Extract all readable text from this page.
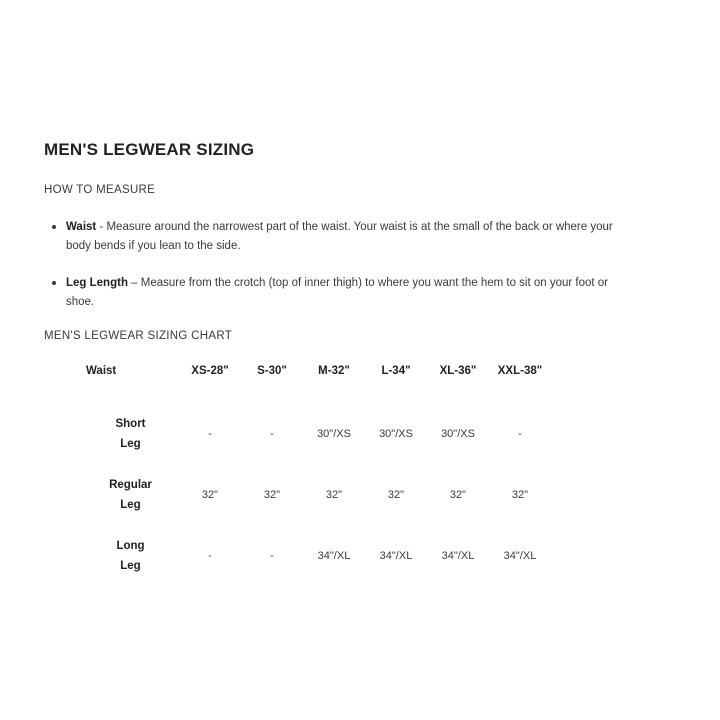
MEN'S LEGWEAR SIZING
HOW TO MEASURE
Waist - Measure around the narrowest part of the waist. Your waist is at the small of the back or where your body bends if you lean to the side.
Leg Length – Measure from the crotch (top of inner thigh) to where you want the hem to sit on your foot or shoe.
MEN'S LEGWEAR SIZING CHART
Waist	XS-28"	S-30"	M-32"	L-34"	XL-36"	XXL-38"
Short
Leg	-	-	30"/XS	30"/XS	30"/XS	-
Regular
Leg	32"	32"	32"	32"	32"	32"
Long
Leg	-	-	34"/XL	34"/XL	34"/XL	34"/XL
